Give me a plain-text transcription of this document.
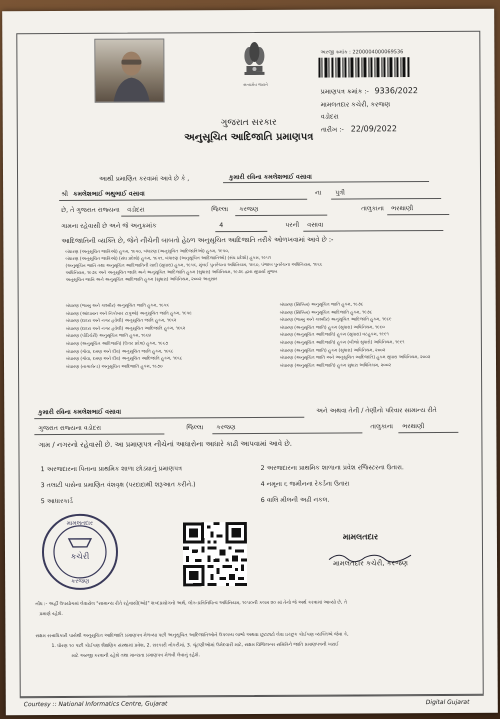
સત્યમેવ જયતે
અરજી ક્રમાંક : 2200004000069536
પ્રમાણપત્ર ક્રમાંક :- 9336/2022
મામલતદાર કચેરી, કરજણ
વડોદરા
તારીખ :- 22/09/2022
ગુજરાત સરકાર
અનુસૂચિત આદિજાતિ પ્રમાણપત્ર
આથી પ્રમાણિત કરવામાં આવે છે કે ,	કુમારી રવિના કમલેશભાઈ વસાવા
શ્રી કમલેશભાઈ ભથુભાઈ વસાવા	ના પુત્રી
છે, તે ગુજરાત રાજ્યના વડોદરા	જિલ્લા કરજણ	તાલુકાના ભરથાણી
ગામના રહેવાસી છે અને જે અનુક્રમાંક	4	પરની વસાવા
આદિજાતિની વ્યક્તિ છે, જેને નીચેની બાબતો હેઠળ અનુસૂચિત આદિજાતિ તરીકે ઓળખવામાં આવે છે :-
બંધારણ (અનુસૂચિત જાતિઓ) હુકમ, ૧૯૫૦, બંધારણ (અનુસૂચિત આદિજાતિઓ) હુકમ, ૧૯૫૦,
બંધારણ (અનુસૂચિત જાતિઓ) (સંઘ પ્રદેશો) હુકમ, ૧૯૫૧, બંધારણ (અનુસૂચિત આદિજાતિઓ) (સંઘ પ્રદેશો) હુકમ, ૧૯૫૧
(અનુસૂચિત જાતિ તથા અનુસૂચિત આદિજાતિની યાદી (સુધારા) હુકમ, ૧૯૫૬, મુંબઈ પુનર્રચના અધિનિયમ, ૧૯૬૦, પંજાબ પુનર્રચના અધિનિયમ, ૧૯૬૬
અધિનિયમ, ૧૯૭૬ અને અનુસૂચિત જાતિ અને અનુસૂચિત આદિજાતિ હુકમ (સુધારા) અધિનિયમ, ૧૯૭૬ દ્વારા સુધાર્યા મુજબ
અનુસૂચિત જાતિ અને અનુસૂચિત આદિજાતિ હુકમ (સુધારા) અધિનિયમ, ૨૦૦૨ અનુસાર
બંધારણ (જમ્મુ અને કાશ્મીર) અનુસૂચિત જાતિ હુકમ, ૧૯૫૬
બંધારણ (આંદામાન અને નિકોબાર ટાપુઓ) અનુસૂચિત જાતિ હુકમ, ૧૯૫૯
બંધારણ (દાદરા અને નગર હવેલી) અનુસૂચિત જાતિ હુકમ, ૧૯૬૨
બંધારણ (દાદરા અને નગર હવેલી) અનુસૂચિત આદિજાતિ હુકમ, ૧૯૬૨
બંધારણ (પોંડિચેરી) અનુસૂચિત જાતિ હુકમ, ૧૯૬૪
બંધારણ (અનુસૂચિત આદિજાતિ) (ઉત્તર પ્રદેશ) હુકમ, ૧૯૬૭
બંધારણ (ગોવા, દમણ અને દીવ) અનુસૂચિત જાતિ હુકમ, ૧૯૬૮
બંધારણ (ગોવા, દમણ અને દીવ) અનુસૂચિત આદિજાતિ હુકમ, ૧૯૬૮
બંધારણ (નાગાલેન્ડ) અનુસૂચિત આદિજાતિ હુકમ, ૧૯૭૦
બંધારણ (સિક્કિમ) અનુસૂચિત જાતિ હુકમ, ૧૯૭૮
બંધારણ (સિક્કિમ) અનુસૂચિત આદિજાતિ હુકમ, ૧૯૭૮
બંધારણ (જમ્મુ અને કાશ્મીર) અનુસૂચિત આદિજાતિ હુકમ, ૧૯૮૯
બંધારણ (અનુસૂચિત જાતિ) હુકમ (સુધારા) અધિનિયમ, ૧૯૯૦
બંધારણ (અનુસૂચિત આદિજાતિ) હુકમ (સુધારા) વટહુકમ, ૧૯૯૧
બંધારણ (અનુસૂચિત આદિજાતિ) હુકમ (બીજો સુધારો) અધિનિયમ, ૧૯૯૧
બંધારણ (અનુસૂચિત જાતિ) હુકમ (સુધારા) અધિનિયમ, ૨૦૦૨
બંધારણ (અનુસૂચિત જાતિ અને અનુસૂચિત આદિજાતિ) હુકમ સુધારા અધિનિયમ, ૨૦૦૨
બંધારણ (અનુસૂચિત આદિજાતિ) હુકમ સુધારા અધિનિયમ, ૨૦૦૨
કુમારી રવિના કમલેશભાઈ વસાવા	અને અથવા તેની / તેણીનો પરિવાર સામાન્ય રીતે
ગુજરાત રાજ્યના વડોદરા	જિલ્લા કરજણ	તાલુકાના ભરથાણી
ગામ / નગરનો રહેવાસી છે. આ પ્રમાણપત્ર નીચેનાં આધારોના આધારે કાઢી આપવામાં આવે છે.
1 અરજદારના પિતાના પ્રાથમિક શાળા છોડ્યાનું પ્રમાણપત્ર	2 અરજદારના પ્રાથમિક શાળાના પ્રવેશ રજિસ્ટરના ઉતારા.
3 તલાટી પાસેના પ્રમાણિત વંશવૃક્ષ (પરદાદાથી શરૂઆત કરીને.)	4 નમૂના ૬ જમીનના રેકર્ડના ઉતારા
5 આધારકાર્ડ	6 વાલિ મીલની અઢી નકલ.
કચેરી
કરજણ
મામલતદાર
મામલતદાર
મામલતદાર કચેરી, કરજણ
નોંધ :- અહીં ઉપયોગમાં લેવાયેલ "સામાન્ય રીતે રહેવાસી(ઓ)" શબ્દપ્રયોગનો અર્થ, લોક-પ્રતિનિધિત્વ અધિનિયમ, ૧૯૫૦ની કલમ ૨૦ માં તેનો જે અર્થ કરવામાં આવ્યો છે, તે
પ્રમાણે રહેશે.
સક્ષમ સત્તાધિકારી પાસેથી અનુસૂચિત આદિજાતિ પ્રમાણપત્ર મેળવ્યા પછી અનુસૂચિત આદિજાતિઓને ઉપલબ્ધ લાભો અથવા છૂટછાટો લેવા ઇચ્છુક કોઈપણ વ્યક્તિએ જેવા કે,
1. ધોરણ ૧૦ પછી કોઈપણ શૈક્ષણિક સંસ્થામાં પ્રવેશ, 2. સરકારી નોકરીમાં, 3. ચૂંટણીઓમાં ઉમેદવારી માટે, સક્ષમ વિજિલન્સ સમિતિને જાતિ પ્રમાણપત્રની ખરાઈ
માટે અરજી કરવાની રહેશે તથા માન્યતા પ્રમાણપત્ર મેળવી લેવાનું રહેશે.
Courtesy :: National Informatics Centre, Gujarat	Digital Gujarat
